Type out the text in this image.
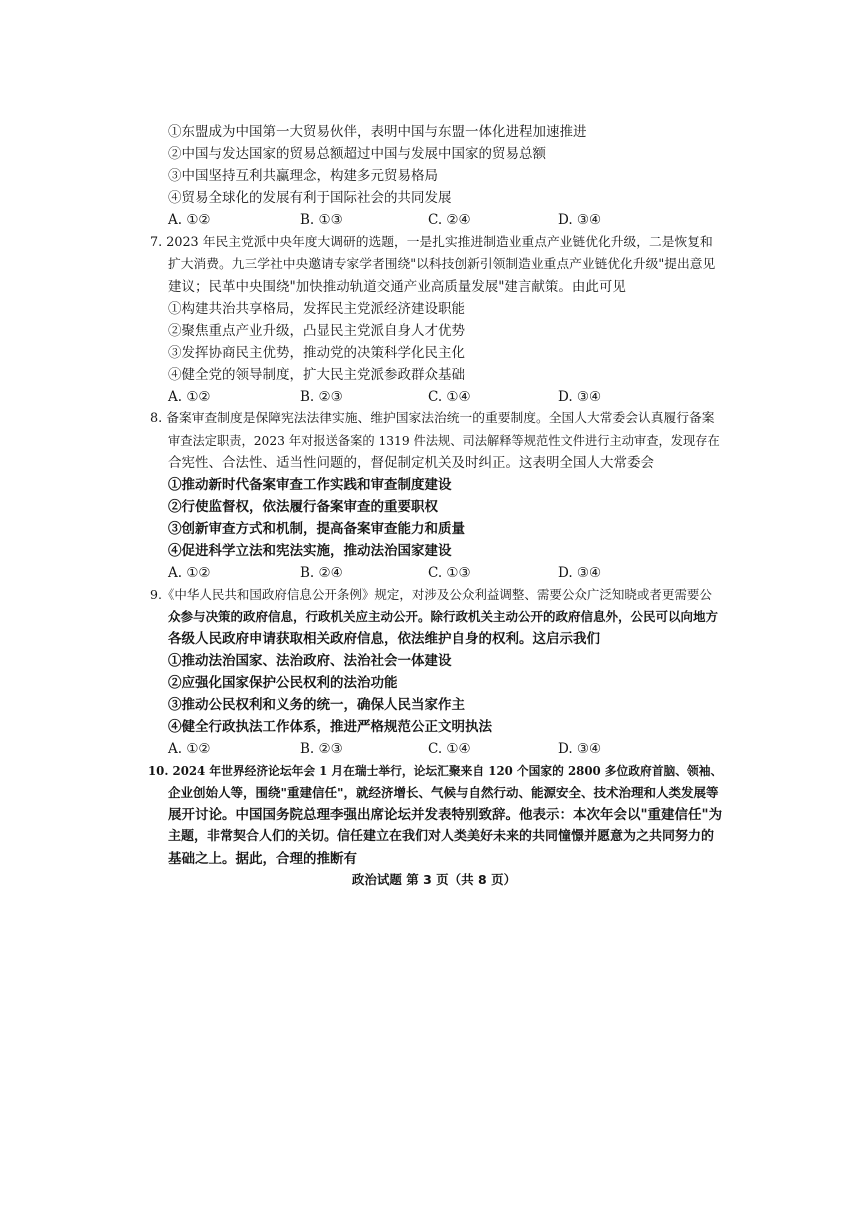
①东盟成为中国第一大贸易伙伴，表明中国与东盟一体化进程加速推进
②中国与发达国家的贸易总额超过中国与发展中国家的贸易总额
③中国坚持互利共赢理念，构建多元贸易格局
④贸易全球化的发展有利于国际社会的共同发展
A. ①②	B. ①③	C. ②④	D. ③④
7. 2023 年民主党派中央年度大调研的选题，一是扎实推进制造业重点产业链优化升级，二是恢复和
扩大消费。九三学社中央邀请专家学者围绕"以科技创新引领制造业重点产业链优化升级"提出意见
建议；民革中央围绕"加快推动轨道交通产业高质量发展"建言献策。由此可见
①构建共治共享格局，发挥民主党派经济建设职能
②聚焦重点产业升级，凸显民主党派自身人才优势
③发挥协商民主优势，推动党的决策科学化民主化
④健全党的领导制度，扩大民主党派参政群众基础
A. ①②	B. ②③	C. ①④	D. ③④
8. 备案审查制度是保障宪法法律实施、维护国家法治统一的重要制度。全国人大常委会认真履行备案
审查法定职责，2023 年对报送备案的 1319 件法规、司法解释等规范性文件进行主动审查，发现存在
合宪性、合法性、适当性问题的，督促制定机关及时纠正。这表明全国人大常委会
①推动新时代备案审查工作实践和审查制度建设
②行使监督权，依法履行备案审查的重要职权
③创新审查方式和机制，提高备案审查能力和质量
④促进科学立法和宪法实施，推动法治国家建设
A. ①②	B. ②④	C. ①③	D. ③④
9.《中华人民共和国政府信息公开条例》规定，对涉及公众利益调整、需要公众广泛知晓或者更需要公
众参与决策的政府信息，行政机关应主动公开。除行政机关主动公开的政府信息外，公民可以向地方
各级人民政府申请获取相关政府信息，依法维护自身的权利。这启示我们
①推动法治国家、法治政府、法治社会一体建设
②应强化国家保护公民权利的法治功能
③推动公民权利和义务的统一，确保人民当家作主
④健全行政执法工作体系，推进严格规范公正文明执法
A. ①②	B. ②③	C. ①④	D. ③④
10. 2024 年世界经济论坛年会 1 月在瑞士举行，论坛汇聚来自 120 个国家的 2800 多位政府首脑、领袖、
企业创始人等，围绕"重建信任"，就经济增长、气候与自然行动、能源安全、技术治理和人类发展等
展开讨论。中国国务院总理李强出席论坛并发表特别致辞。他表示：本次年会以"重建信任"为
主题，非常契合人们的关切。信任建立在我们对人类美好未来的共同憧憬并愿意为之共同努力的
基础之上。据此，合理的推断有
政治试题 第 3 页（共 8 页）
